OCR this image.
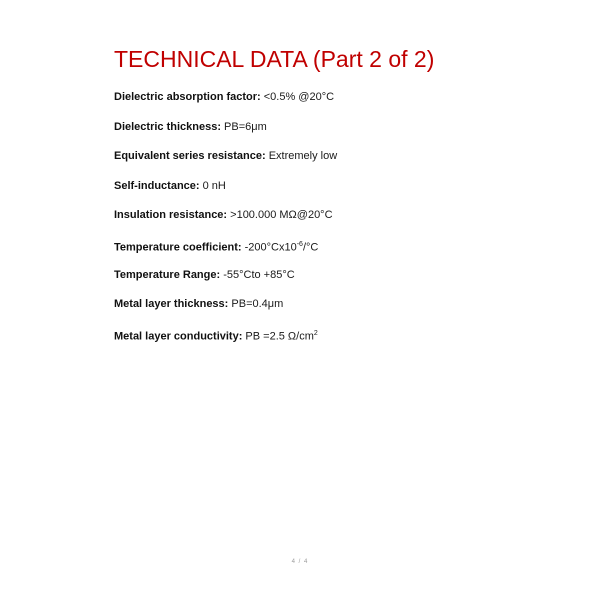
TECHNICAL DATA (Part 2 of 2)
Dielectric absorption factor: <0.5% @20°C
Dielectric thickness: PB=6μm
Equivalent series resistance: Extremely low
Self-inductance: 0 nH
Insulation resistance: >100.000 MΩ@20°C
Temperature coefficient: $-200^\circ Cx10^{-6}/^\circ C$
Temperature Range: -55°Cto +85°C
Metal layer thickness: PB=0.4μm
Metal layer conductivity: PB =2.5 $\Omega/cm^2$
4 / 4
